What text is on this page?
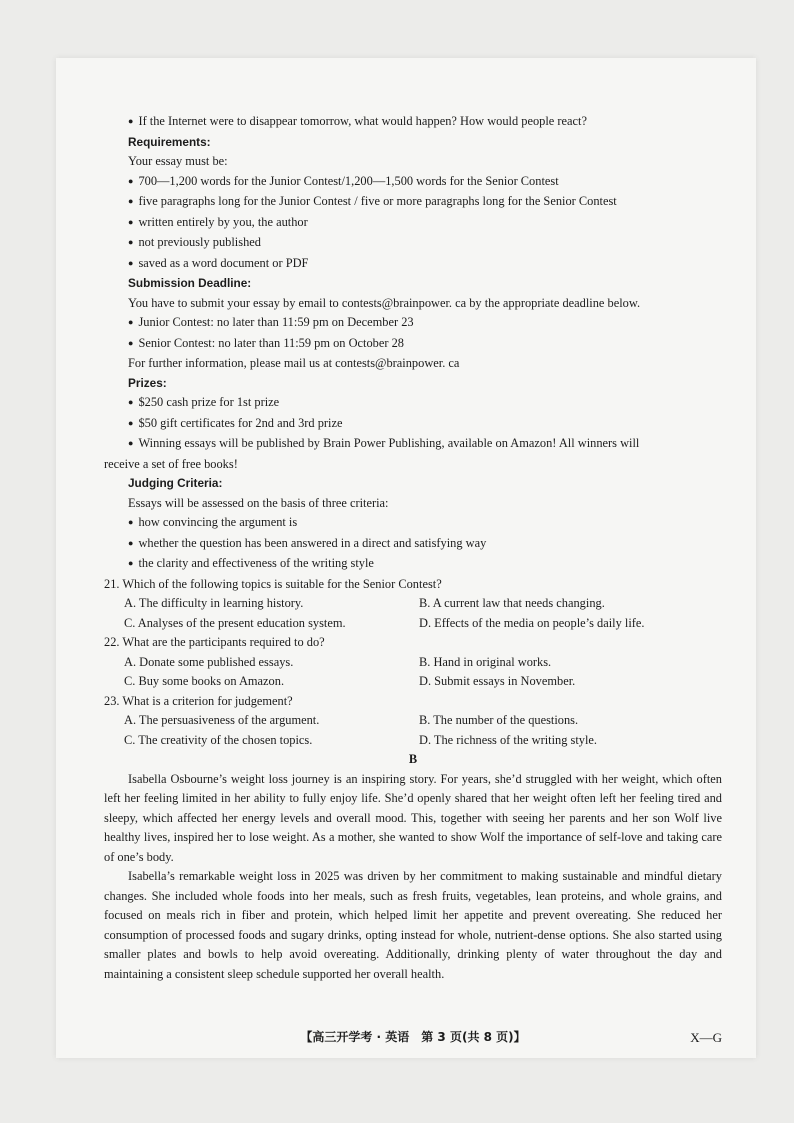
● If the Internet were to disappear tomorrow, what would happen? How would people react?
Requirements:
Your essay must be:
● 700—1,200 words for the Junior Contest/1,200—1,500 words for the Senior Contest
● five paragraphs long for the Junior Contest / five or more paragraphs long for the Senior Contest
● written entirely by you, the author
● not previously published
● saved as a word document or PDF
Submission Deadline:
You have to submit your essay by email to contests@brainpower. ca by the appropriate deadline below.
● Junior Contest: no later than 11:59 pm on December 23
● Senior Contest: no later than 11:59 pm on October 28
For further information, please mail us at contests@brainpower. ca
Prizes:
● $250 cash prize for 1st prize
● $50 gift certificates for 2nd and 3rd prize
● Winning essays will be published by Brain Power Publishing, available on Amazon! All winners will
receive a set of free books!
Judging Criteria:
Essays will be assessed on the basis of three criteria:
● how convincing the argument is
● whether the question has been answered in a direct and satisfying way
● the clarity and effectiveness of the writing style
21. Which of the following topics is suitable for the Senior Contest?
A. The difficulty in learning history.	B. A current law that needs changing.
C. Analyses of the present education system.	D. Effects of the media on people’s daily life.
22. What are the participants required to do?
A. Donate some published essays.	B. Hand in original works.
C. Buy some books on Amazon.	D. Submit essays in November.
23. What is a criterion for judgement?
A. The persuasiveness of the argument.	B. The number of the questions.
C. The creativity of the chosen topics.	D. The richness of the writing style.
B
Isabella Osbourne’s weight loss journey is an inspiring story. For years, she’d struggled with her weight, which often left her feeling limited in her ability to fully enjoy life. She’d openly shared that her weight often left her feeling tired and sleepy, which affected her energy levels and overall mood. This, together with seeing her parents and her son Wolf live healthy lives, inspired her to lose weight. As a mother, she wanted to show Wolf the importance of self-love and taking care of one’s body.
Isabella’s remarkable weight loss in 2025 was driven by her commitment to making sustainable and mindful dietary changes. She included whole foods into her meals, such as fresh fruits, vegetables, lean proteins, and whole grains, and focused on meals rich in fiber and protein, which helped limit her appetite and prevent overeating. She reduced her consumption of processed foods and sugary drinks, opting instead for whole, nutrient-dense options. She also started using smaller plates and bowls to help avoid overeating. Additionally, drinking plenty of water throughout the day and maintaining a consistent sleep schedule supported her overall health.
【高三开学考 · 英语　第 3 页(共 8 页)】	X—G
